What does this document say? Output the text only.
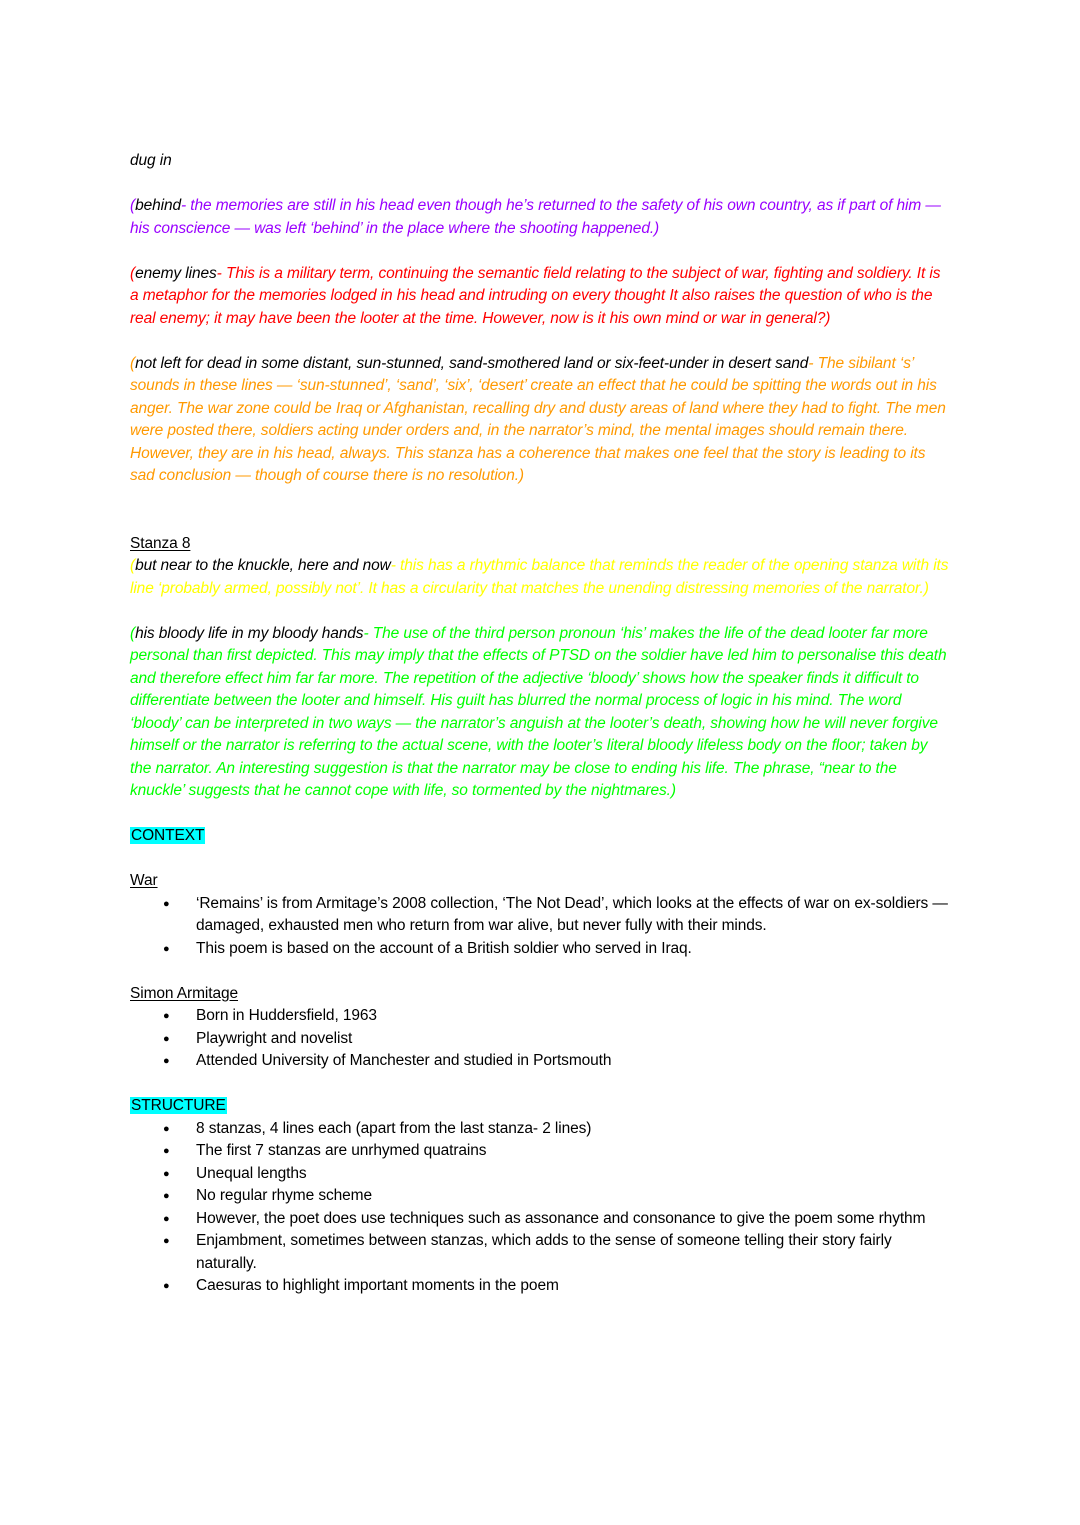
dug in

(behind- the memories are still in his head even though he’s returned to the safety of his own country, as if part of him — his conscience — was left ‘behind’ in the place where the shooting happened.)

(enemy lines- This is a military term, continuing the semantic field relating to the subject of war, fighting and soldiery. It is a metaphor for the memories lodged in his head and intruding on every thought It also raises the question of who is the real enemy; it may have been the looter at the time. However, now is it his own mind or war in general?)

(not left for dead in some distant, sun-stunned, sand-smothered land or six-feet-under in desert sand- The sibilant ‘s’ sounds in these lines — ‘sun-stunned’, ‘sand’, ‘six’, ‘desert’ create an effect that he could be spitting the words out in his anger. The war zone could be Iraq or Afghanistan, recalling dry and dusty areas of land where they had to fight. The men were posted there, soldiers acting under orders and, in the narrator’s mind, the mental images should remain there. However, they are in his head, always. This stanza has a coherence that makes one feel that the story is leading to its sad conclusion — though of course there is no resolution.)

Stanza 8

(but near to the knuckle, here and now- this has a rhythmic balance that reminds the reader of the opening stanza with its line ‘probably armed, possibly not’. It has a circularity that matches the unending distressing memories of the narrator.)

(his bloody life in my bloody hands- The use of the third person pronoun ‘his’ makes the life of the dead looter far more personal than first depicted. This may imply that the effects of PTSD on the soldier have led him to personalise this death and therefore effect him far far more. The repetition of the adjective ‘bloody’ shows how the speaker finds it difficult to differentiate between the looter and himself. His guilt has blurred the normal process of logic in his mind. The word ‘bloody’ can be interpreted in two ways — the narrator’s anguish at the looter’s death, showing how he will never forgive himself or the narrator is referring to the actual scene, with the looter’s literal bloody lifeless body on the floor; taken by the narrator. An interesting suggestion is that the narrator may be close to ending his life. The phrase, “near to the knuckle’ suggests that he cannot cope with life, so tormented by the nightmares.)

CONTEXT

War

● ‘Remains’ is from Armitage’s 2008 collection, ‘The Not Dead’, which looks at the effects of war on ex-soldiers — damaged, exhausted men who return from war alive, but never fully with their minds.
● This poem is based on the account of a British soldier who served in Iraq.

Simon Armitage

● Born in Huddersfield, 1963
● Playwright and novelist
● Attended University of Manchester and studied in Portsmouth

STRUCTURE

● 8 stanzas, 4 lines each (apart from the last stanza- 2 lines)
● The first 7 stanzas are unrhymed quatrains
● Unequal lengths
● No regular rhyme scheme
● However, the poet does use techniques such as assonance and consonance to give the poem some rhythm
● Enjambment, sometimes between stanzas, which adds to the sense of someone telling their story fairly naturally.
● Caesuras to highlight important moments in the poem
